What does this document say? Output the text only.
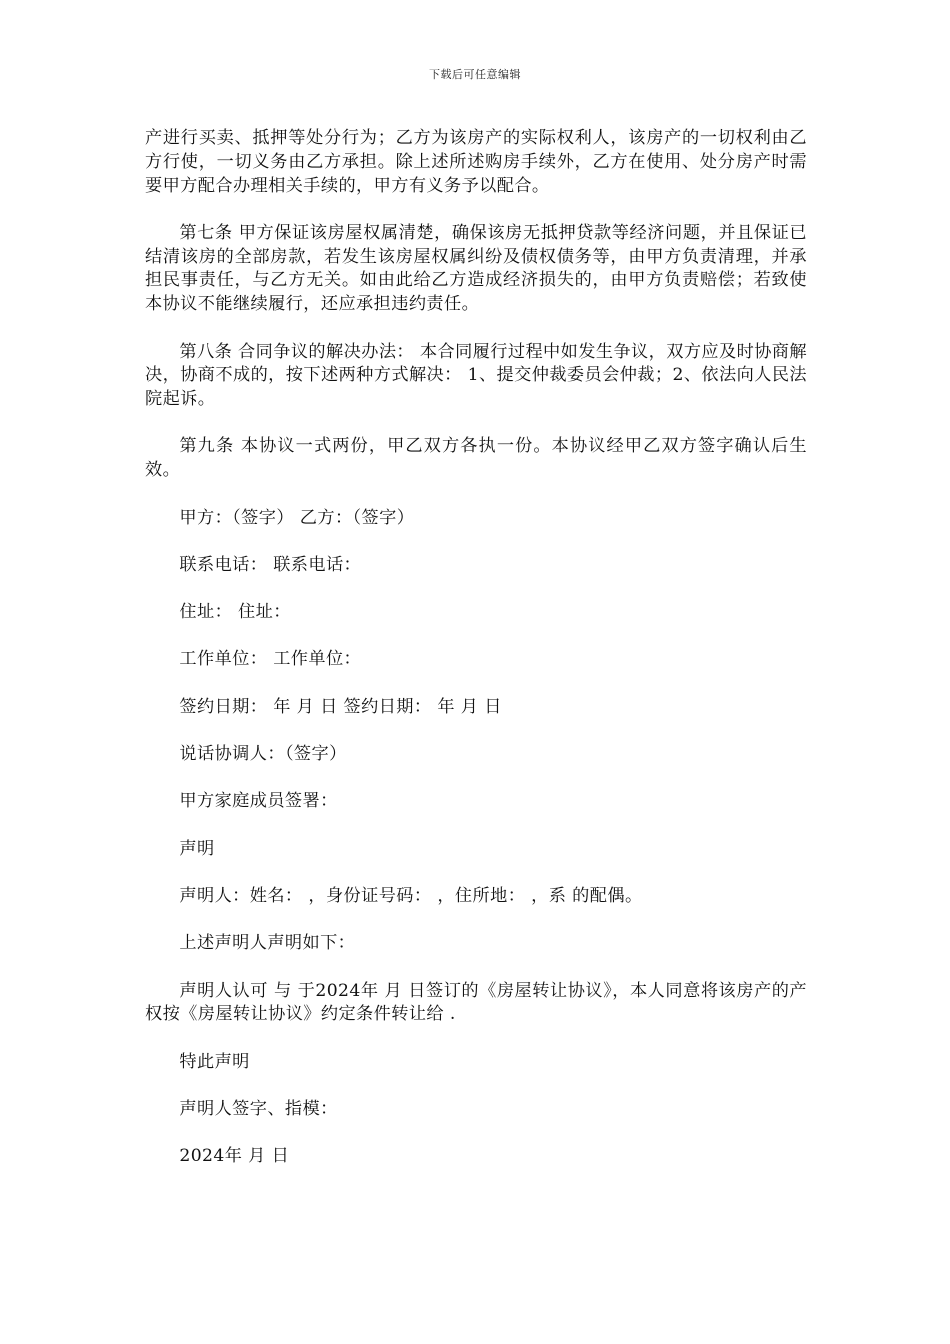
下载后可任意编辑

产进行买卖、抵押等处分行为；乙方为该房产的实际权利人，该房产的一切权利由乙方行使，一切义务由乙方承担。除上述所述购房手续外，乙方在使用、处分房产时需要甲方配合办理相关手续的，甲方有义务予以配合。

第七条 甲方保证该房屋权属清楚，确保该房无抵押贷款等经济问题，并且保证已结清该房的全部房款，若发生该房屋权属纠纷及债权债务等，由甲方负责清理，并承担民事责任，与乙方无关。如由此给乙方造成经济损失的，由甲方负责赔偿；若致使本协议不能继续履行，还应承担违约责任。

第八条 合同争议的解决办法： 本合同履行过程中如发生争议，双方应及时协商解决，协商不成的，按下述两种方式解决： 1、提交仲裁委员会仲裁；2、依法向人民法院起诉。

第九条 本协议一式两份，甲乙双方各执一份。本协议经甲乙双方签字确认后生效。

甲方：（签字） 乙方：（签字）

联系电话： 联系电话：

住址： 住址：

工作单位： 工作单位：

签约日期： 年 月 日 签约日期： 年 月 日

说话协调人：（签字）

甲方家庭成员签署：

声明

声明人：姓名： ，身份证号码： ，住所地： ，系 的配偶。

上述声明人声明如下：

声明人认可 与 于2024年 月 日签订的《房屋转让协议》，本人同意将该房产的产权按《房屋转让协议》约定条件转让给 .

特此声明

声明人签字、指模：

2024年 月 日
